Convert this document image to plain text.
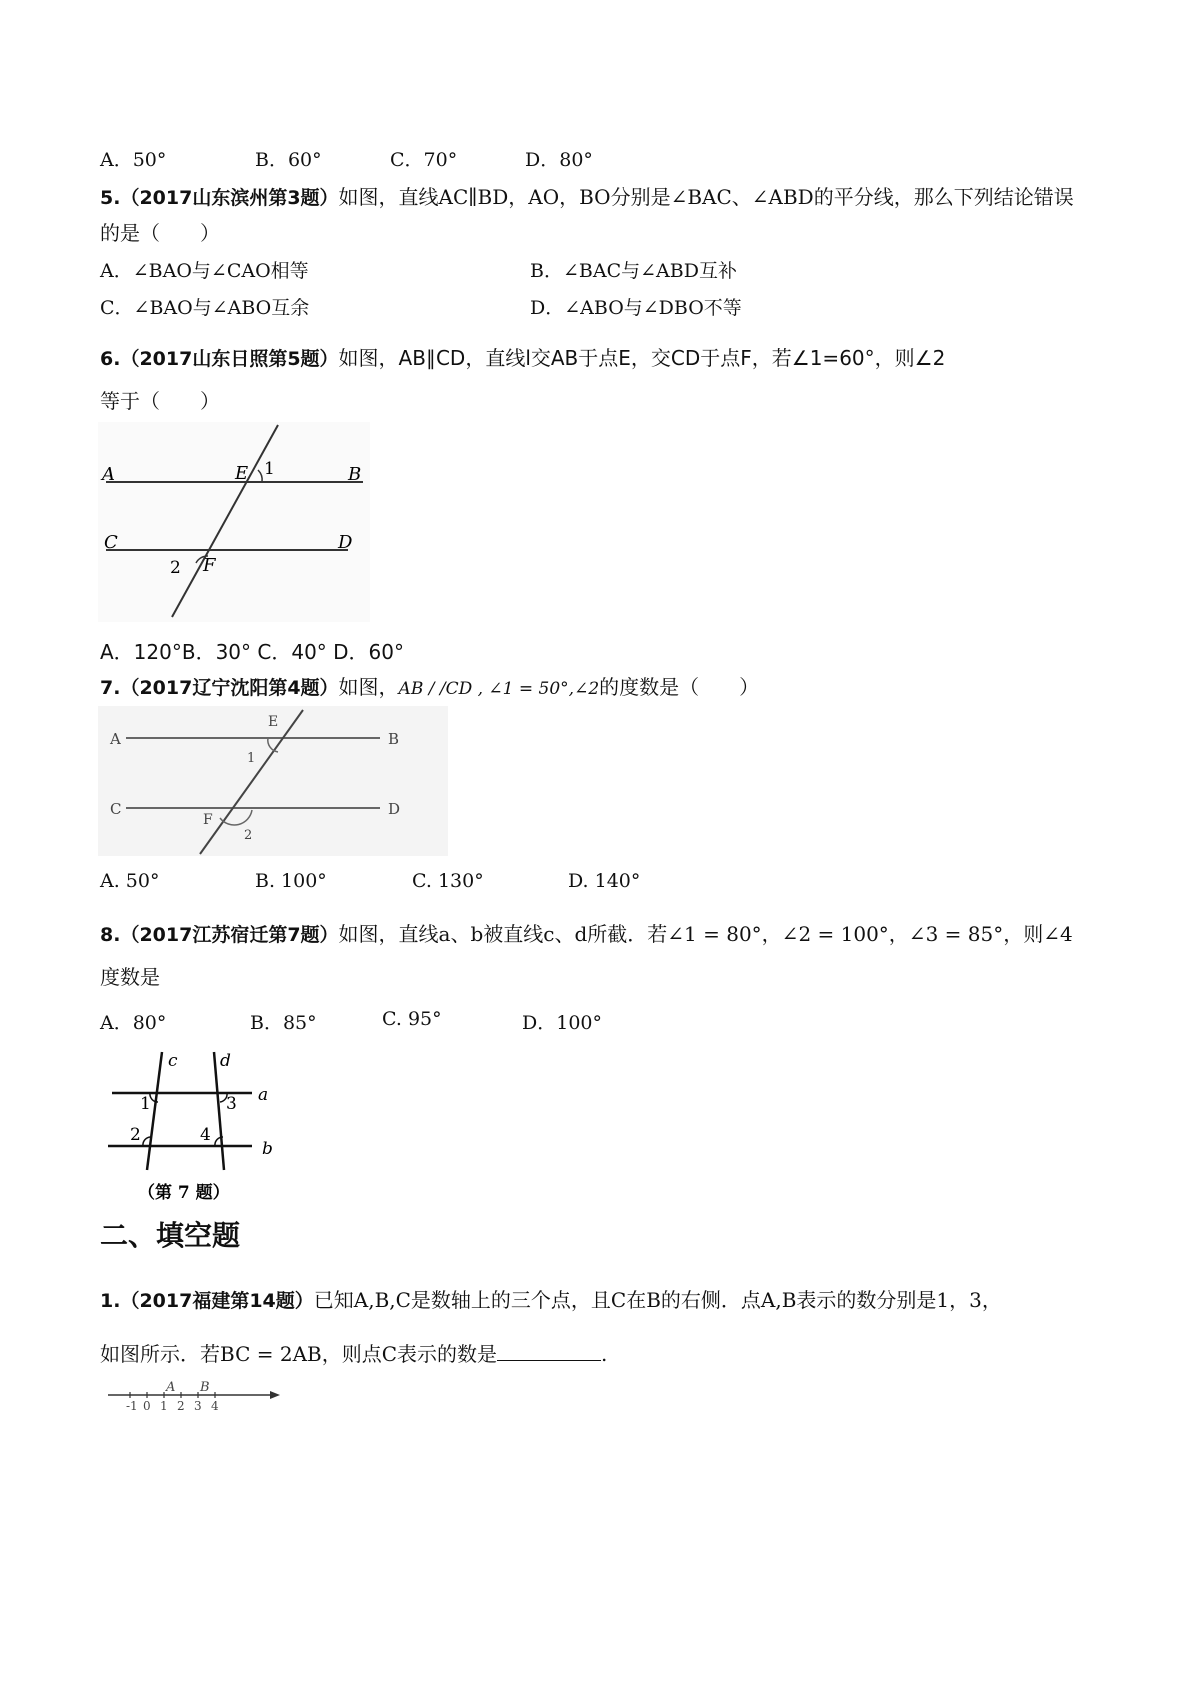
A．50°	B．60°	C．70°	D．80°
5.（2017山东滨州第3题）如图，直线AC∥BD，AO，BO分别是∠BAC、∠ABD的平分线，那么下列结论错误
的是（　　）
A．∠BAO与∠CAO相等	B．∠BAC与∠ABD互补
C．∠BAO与∠ABO互余	D．∠ABO与∠DBO不等
6.（2017山东日照第5题）如图，AB∥CD，直线l交AB于点E，交CD于点F，若∠1=60°，则∠2
等于（　　）
A	B
C	D
E
F
1
2
A．120°B．30° C．40° D．60°
7.（2017辽宁沈阳第4题）如图，AB / /CD , ∠1 = 50°,∠2的度数是（　　）
A	B
C	D
E
F
1
2
A. 50°	B. 100°	C. 130°	D. 140°
8.（2017江苏宿迁第7题）如图，直线a、b被直线c、d所截．若∠1 = 80°，∠2 = 100°，∠3 = 85°，则∠4
度数是
A．80°	B．85°	C. 95°	D．100°
c d
a
b
1	3
2	4
（第 7 题）
二、填空题
1.（2017福建第14题）已知A,B,C是数轴上的三个点，且C在B的右侧．点A,B表示的数分别是1，3，
如图所示．若BC = 2AB，则点C表示的数是	.
-1 0 1 2 3 4
A B
